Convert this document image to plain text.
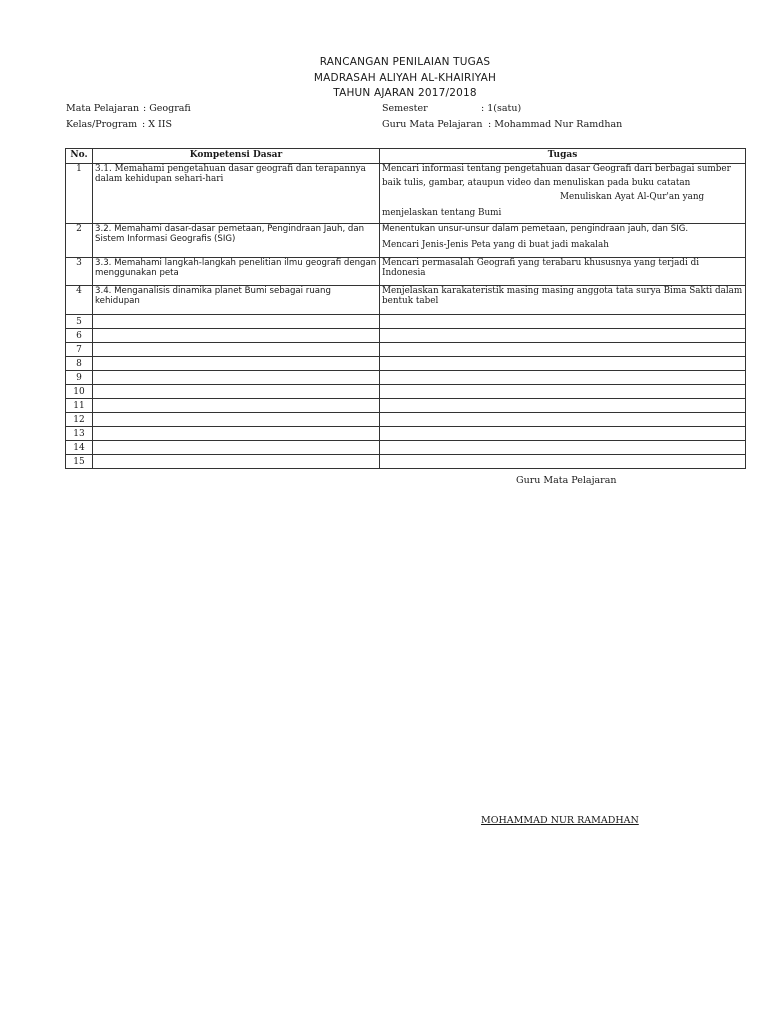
RANCANGAN PENILAIAN TUGAS
MADRASAH ALIYAH AL-KHAIRIYAH
TAHUN AJARAN 2017/2018
Mata Pelajaran : Geografi
Kelas/Program : X IIS
Semester	: 1(satu)
Guru Mata Pelajaran : Mohammad Nur Ramdhan
No.	Kompetensi Dasar	Tugas
1	3.1. Memahami pengetahuan dasar geografi dan terapannya dalam kehidupan sehari-hari	Mencari informasi tentang pengetahuan dasar Geografi dari berbagai sumber
baik tulis, gambar, ataupun video dan menuliskan pada buku catatan
Menuliskan Ayat Al-Qur'an yang
menjelaskan tentang Bumi

2	3.2. Memahami dasar-dasar pemetaan, Pengindraan Jauh, dan Sistem Informasi Geografis (SIG)	Menentukan unsur-unsur dalam pemetaan, pengindraan jauh, dan SIG.
Mencari Jenis-Jenis Peta yang di buat jadi makalah

3	3.3. Memahami langkah-langkah penelitian ilmu geografi dengan menggunakan peta	Mencari permasalah Geografi yang terabaru khususnya yang terjadi di Indonesia
4	3.4. Menganalisis dinamika planet Bumi sebagai ruang kehidupan	Menjelaskan karakateristik masing masing anggota tata surya Bima Sakti dalam bentuk tabel
5		
6		
7		
8		
9		
10		
11		
12		
13		
14		
15		
Guru Mata Pelajaran
MOHAMMAD NUR RAMADHAN
